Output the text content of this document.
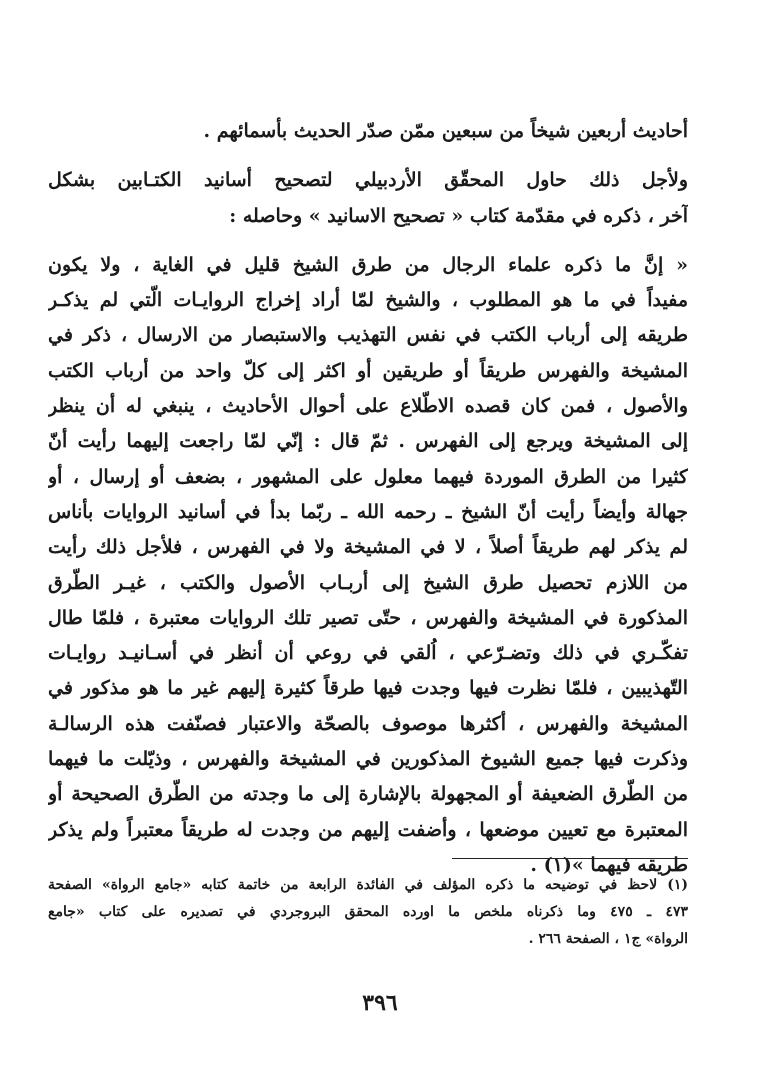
أحاديث أربعين شيخاً من سبعين ممّن صدّر الحديث بأسمائهم .
ولأجل ذلك حاول المحقّق الأردبيلي لتصحيح أسانيد الكتـابين بشكل
آخر ، ذكره في مقدّمة كتاب « تصحيح الاسانيد » وحاصله :
« إنَّ ما ذكره علماء الرجال من طرق الشيخ قليل في الغاية ، ولا يكون
مفيداً في ما هو المطلوب ، والشيخ لمّا أراد إخراج الروايـات الّتي لم يذكـر
طريقه إلى أرباب الكتب في نفس التهذيب والاستبصار من الارسال ، ذكر في
المشيخة والفهرس طريقاً أو طريقين أو اكثر إلى كلّ واحد من أرباب الكتب
والأصول ، فمن كان قصده الاطّلاع على أحوال الأحاديث ، ينبغي له أن ينظر
إلى المشيخة ويرجع إلى الفهرس . ثمّ قال : إنّي لمّا راجعت إليهما رأيت أنّ
كثيرا من الطرق الموردة فيهما معلول على المشهور ، بضعف أو إرسال ، أو
جهالة وأيضاً رأيت أنّ الشيخ ـ رحمه الله ـ ربّما بدأ في أسانيد الروايات بأناس
لم يذكر لهم طريقاً أصلاً ، لا في المشيخة ولا في الفهرس ، فلأجل ذلك رأيت
من اللازم تحصيل طرق الشيخ إلى أربـاب الأصول والكتب ، غيـر الطّرق
المذكورة في المشيخة والفهرس ، حتّى تصير تلك الروايات معتبرة ، فلمّا طال
تفكّـري في ذلك وتضـرّعي ، اُلقي في روعي أن أنظر في أسـانيـد روايـات
التّهذيبين ، فلمّا نظرت فيها وجدت فيها طرقاً كثيرة إليهم غير ما هو مذكور في
المشيخة والفهرس ، أكثرها موصوف بالصحّة والاعتبار فصنّفت هذه الرسالـة
وذكرت فيها جميع الشيوخ المذكورين في المشيخة والفهرس ، وذيّلت ما فيهما
من الطّرق الضعيفة أو المجهولة بالإشارة إلى ما وجدته من الطّرق الصحيحة أو
المعتبرة مع تعيين موضعها ، وأضفت إليهم من وجدت له طريقاً معتبراً ولم يذكر
طريقه فيهما »(١) .
(١) لاحظ في توضيحه ما ذكره المؤلف في الفائدة الرابعة من خاتمة كتابه «جامع الرواة» الصفحة
٤٧٣ ـ ٤٧٥ وما ذكرناه ملخص ما اورده المحقق البروجردي في تصديره على كتاب «جامع
الرواة» ج١ ، الصفحة ٢٦٦ .
٣٩٦
